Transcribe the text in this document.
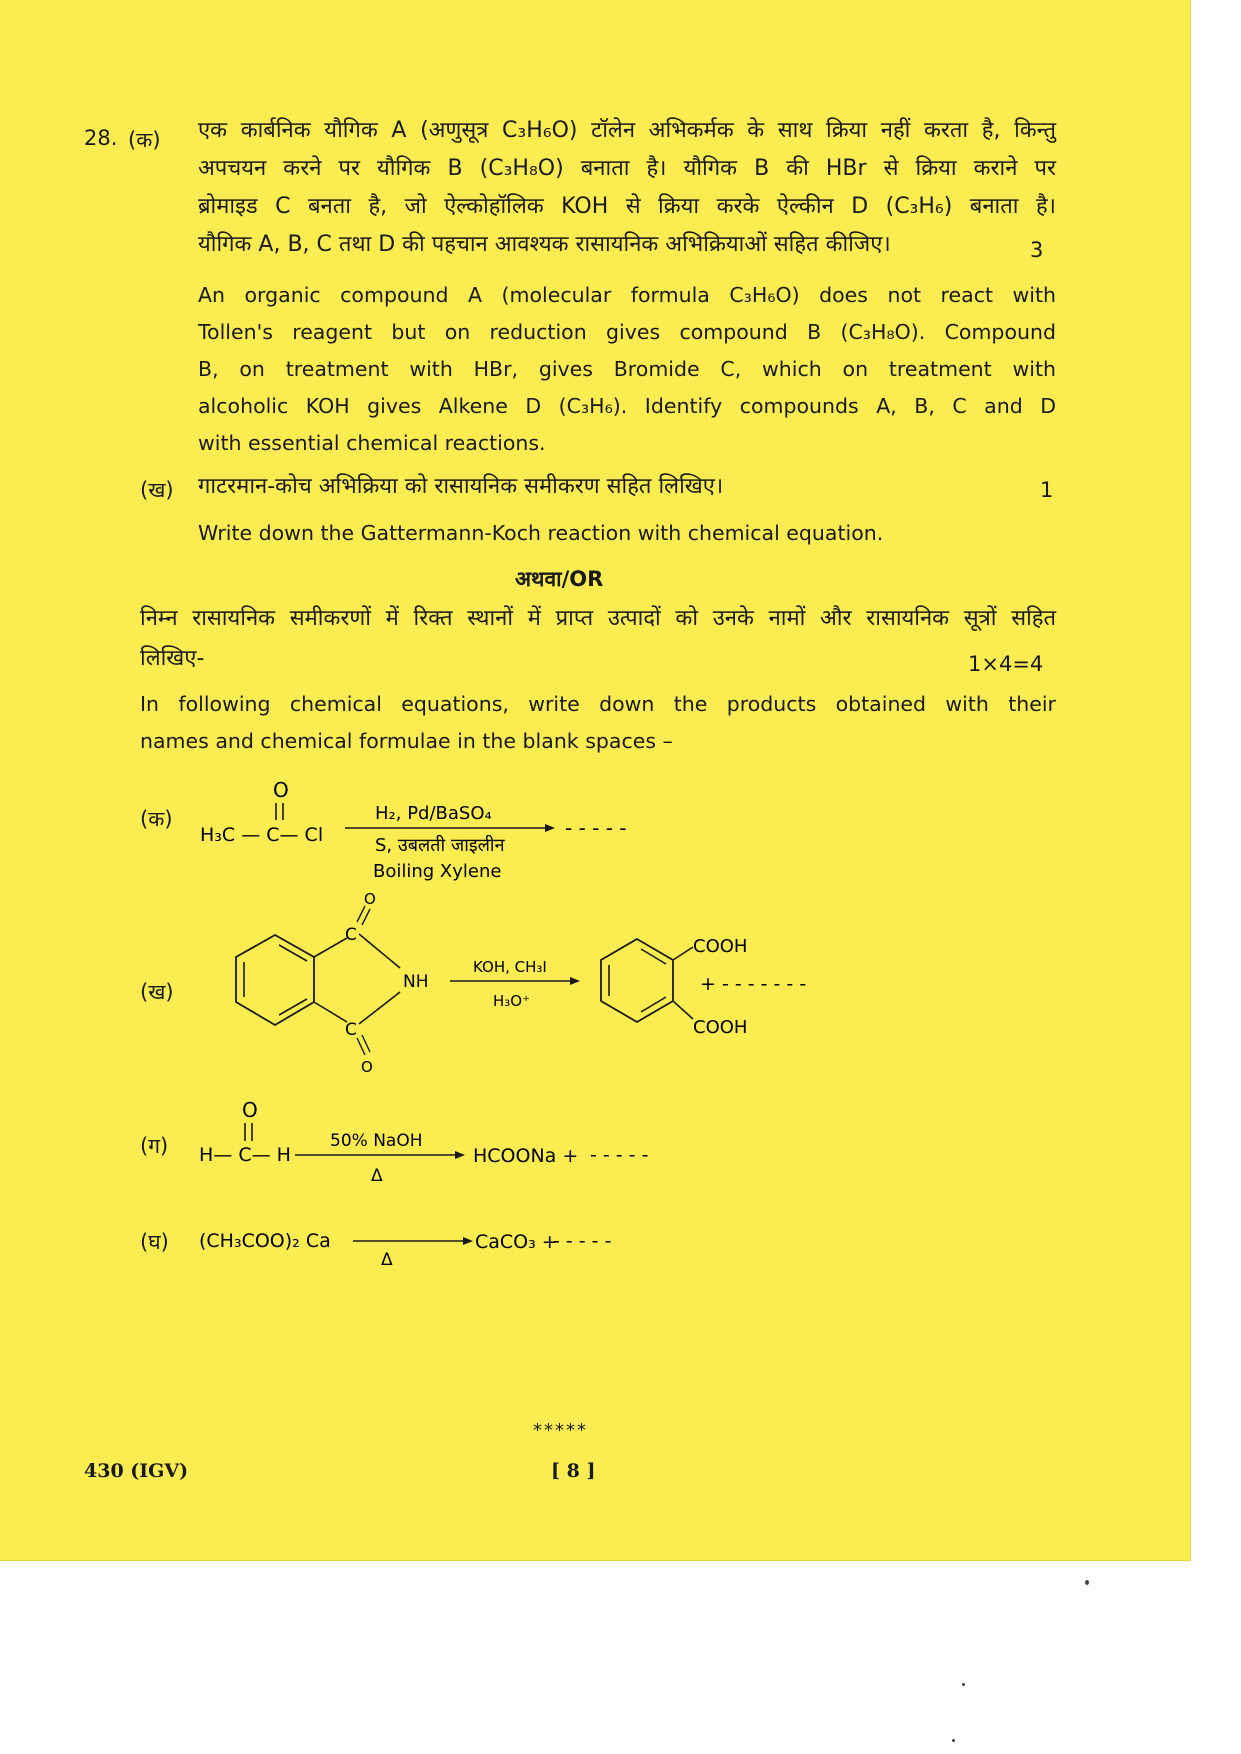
28. (क) एक कार्बनिक यौगिक A (अणुसूत्र C₃H₆O) टॉलेन अभिकर्मक के साथ क्रिया नहीं करता है, किन्तु
अपचयन करने पर यौगिक B (C₃H₈O) बनाता है। यौगिक B की HBr से क्रिया कराने पर
ब्रोमाइड C बनता है, जो ऐल्कोहॉलिक KOH से क्रिया करके ऐल्कीन D (C₃H₆) बनाता है।
यौगिक A, B, C तथा D की पहचान आवश्यक रासायनिक अभिक्रियाओं सहित कीजिए।	3
An organic compound A (molecular formula C₃H₆O) does not react with
Tollen's reagent but on reduction gives compound B (C₃H₈O). Compound
B, on treatment with HBr, gives Bromide C, which on treatment with
alcoholic KOH gives Alkene D (C₃H₆). Identify compounds A, B, C and D
with essential chemical reactions.
(ख) गाटरमान-कोच अभिक्रिया को रासायनिक समीकरण सहित लिखिए।	1
Write down the Gattermann-Koch reaction with chemical equation.
अथवा/OR
निम्न रासायनिक समीकरणों में रिक्त स्थानों में प्राप्त उत्पादों को उनके नामों और रासायनिक सूत्रों सहित
लिखिए-	1×4=4
In following chemical equations, write down the products obtained with their
names and chemical formulae in the blank spaces –
(क)
O
H₃C — C— Cl
H₂, Pd/BaSO₄
S, उबलती जाइलीन
Boiling Xylene
- - - - -
(ख)
C
O
C
O
NH
KOH, CH₃I
H₃O⁺
COOH
COOH
+ - - - - - - -
(ग)
O
H— C— H
50% NaOH
Δ
HCOONa + - - - - -
(घ) (CH₃COO)₂ Ca
Δ
CaCO₃ +
- - - - -
*****
430 (IGV)	[ 8 ]
